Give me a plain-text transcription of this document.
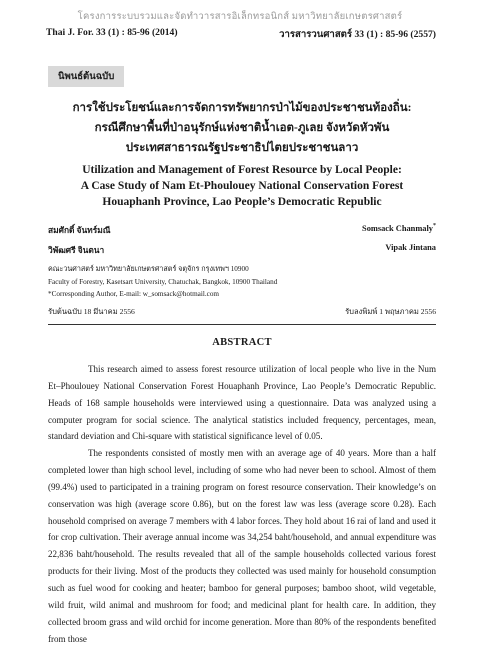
โครงการระบบรวมและจัดทำวารสารอิเล็กทรอนิกส์ มหาวิทยาลัยเกษตรศาสตร์
Thai J. For. 33 (1) : 85-96 (2014)	วารสารวนศาสตร์ 33 (1) : 85-96 (2557)
นิพนธ์ต้นฉบับ
การใช้ประโยชน์และการจัดการทรัพยากรป่าไม้ของประชาชนท้องถิ่น:
กรณีศึกษาพื้นที่ป่าอนุรักษ์แห่งชาติน้ำเอต-ภูเลย จังหวัดหัวพัน
ประเทศสาธารณรัฐประชาธิปไตยประชาชนลาว
Utilization and Management of Forest Resource by Local People:
A Case Study of Nam Et-Phoulouey National Conservation Forest
Houaphanh Province, Lao People’s Democratic Republic
สมศักดิ์ จันทร์มณี	Somsack Chanmaly*
วิพัฒศรี จินตนา	Vipak Jintana
คณะวนศาสตร์ มหาวิทยาลัยเกษตรศาสตร์ จตุจักร กรุงเทพฯ 10900
Faculty of Forestry, Kasetsart University, Chatuchak, Bangkok, 10900 Thailand
*Corresponding Author, E-mail: w_somsack@hotmail.com
รับต้นฉบับ 18 มีนาคม 2556	รับลงพิมพ์ 1 พฤษภาคม 2556
ABSTRACT

This research aimed to assess forest resource utilization of local people who live in the Num Et–Phoulouey National Conservation Forest Houaphanh Province, Lao People’s Democratic Republic. Heads of 168 sample households were interviewed using a questionnaire. Data was analyzed using a computer program for social science. The analytical statistics included frequency, percentages, mean, standard deviation and Chi-square with statistical significance level of 0.05.

The respondents consisted of mostly men with an average age of 40 years. More than a half completed lower than high school level, including of some who had never been to school. Almost of them (99.4%) used to participated in a training program on forest resource conservation. Their knowledge’s on conservation was high (average score 0.86), but on the forest law was less (average score 0.28). Each household comprised on average 7 members with 4 labor forces. They hold about 16 rai of land and used it for crop cultivation. Their average annual income was 34,254 baht/household, and annual expenditure was 22,836 baht/household. The results revealed that all of the sample households collected various forest products for their living. Most of the products they collected was used mainly for household consumption such as fuel wood for cooking and heater; bamboo for general purposes; bamboo shoot, wild vegetable, wild fruit, wild animal and mushroom for food; and medicinal plant for health care. In addition, they collected broom grass and wild orchid for income generation. More than 80% of the respondents benefited from those
